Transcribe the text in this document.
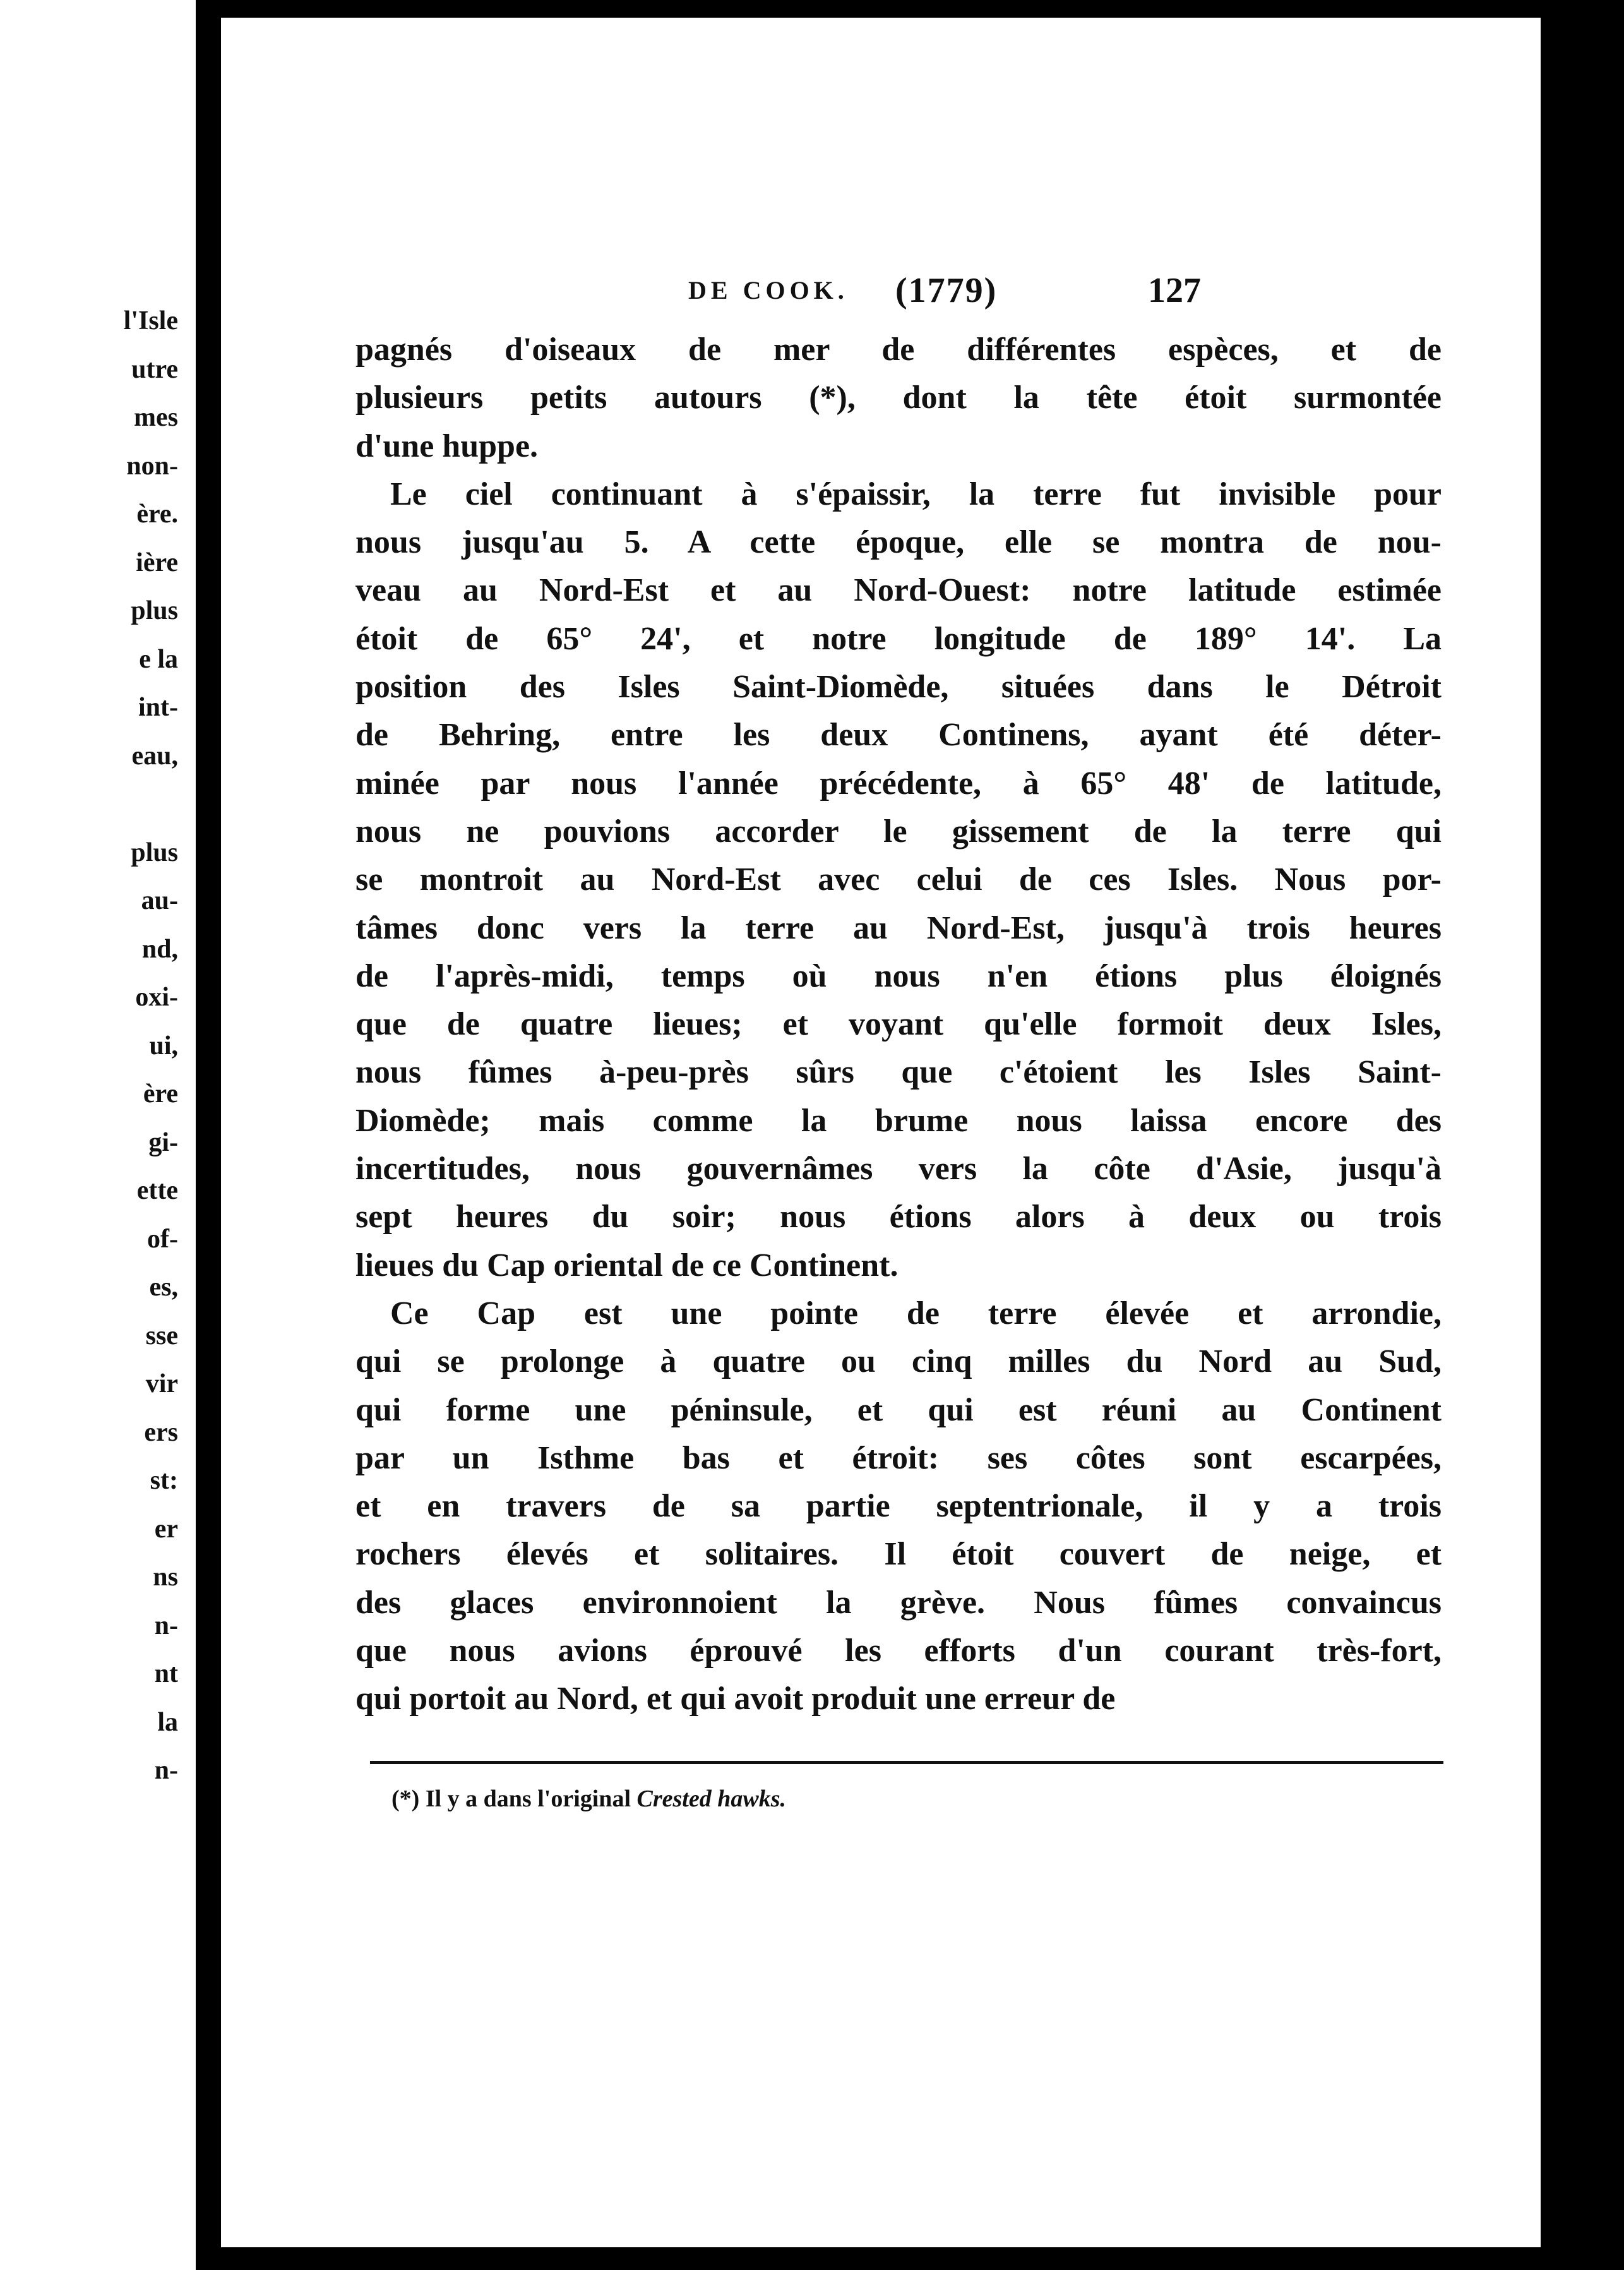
l'Isle
utre
mes
non-
ère.
ière
plus
e la
int-
eau,
plus
au-
nd,
oxi-
ui,
ère
gi-
ette
of-
es,
sse
vir
ers
st:
er
ns
n-
nt
la
n-
DE COOK. (1779)	127
pagnés d'oiseaux de mer de différentes espèces, et de
plusieurs petits autours (*), dont la tête étoit surmontée
d'une huppe.
Le ciel continuant à s'épaissir, la terre fut invisible pour
nous jusqu'au 5. A cette époque, elle se montra de nou-
veau au Nord-Est et au Nord-Ouest: notre latitude estimée
étoit de 65° 24', et notre longitude de 189° 14'. La
position des Isles Saint-Diomède, situées dans le Détroit
de Behring, entre les deux Continens, ayant été déter-
minée par nous l'année précédente, à 65° 48' de latitude,
nous ne pouvions accorder le gissement de la terre qui
se montroit au Nord-Est avec celui de ces Isles. Nous por-
tâmes donc vers la terre au Nord-Est, jusqu'à trois heures
de l'après-midi, temps où nous n'en étions plus éloignés
que de quatre lieues; et voyant qu'elle formoit deux Isles,
nous fûmes à-peu-près sûrs que c'étoient les Isles Saint-
Diomède; mais comme la brume nous laissa encore des
incertitudes, nous gouvernâmes vers la côte d'Asie, jusqu'à
sept heures du soir; nous étions alors à deux ou trois
lieues du Cap oriental de ce Continent.
Ce Cap est une pointe de terre élevée et arrondie,
qui se prolonge à quatre ou cinq milles du Nord au Sud,
qui forme une péninsule, et qui est réuni au Continent
par un Isthme bas et étroit: ses côtes sont escarpées,
et en travers de sa partie septentrionale, il y a trois
rochers élevés et solitaires. Il étoit couvert de neige, et
des glaces environnoient la grève. Nous fûmes convaincus
que nous avions éprouvé les efforts d'un courant très-fort,
qui portoit au Nord, et qui avoit produit une erreur de
(*) Il y a dans l'original Crested hawks.
